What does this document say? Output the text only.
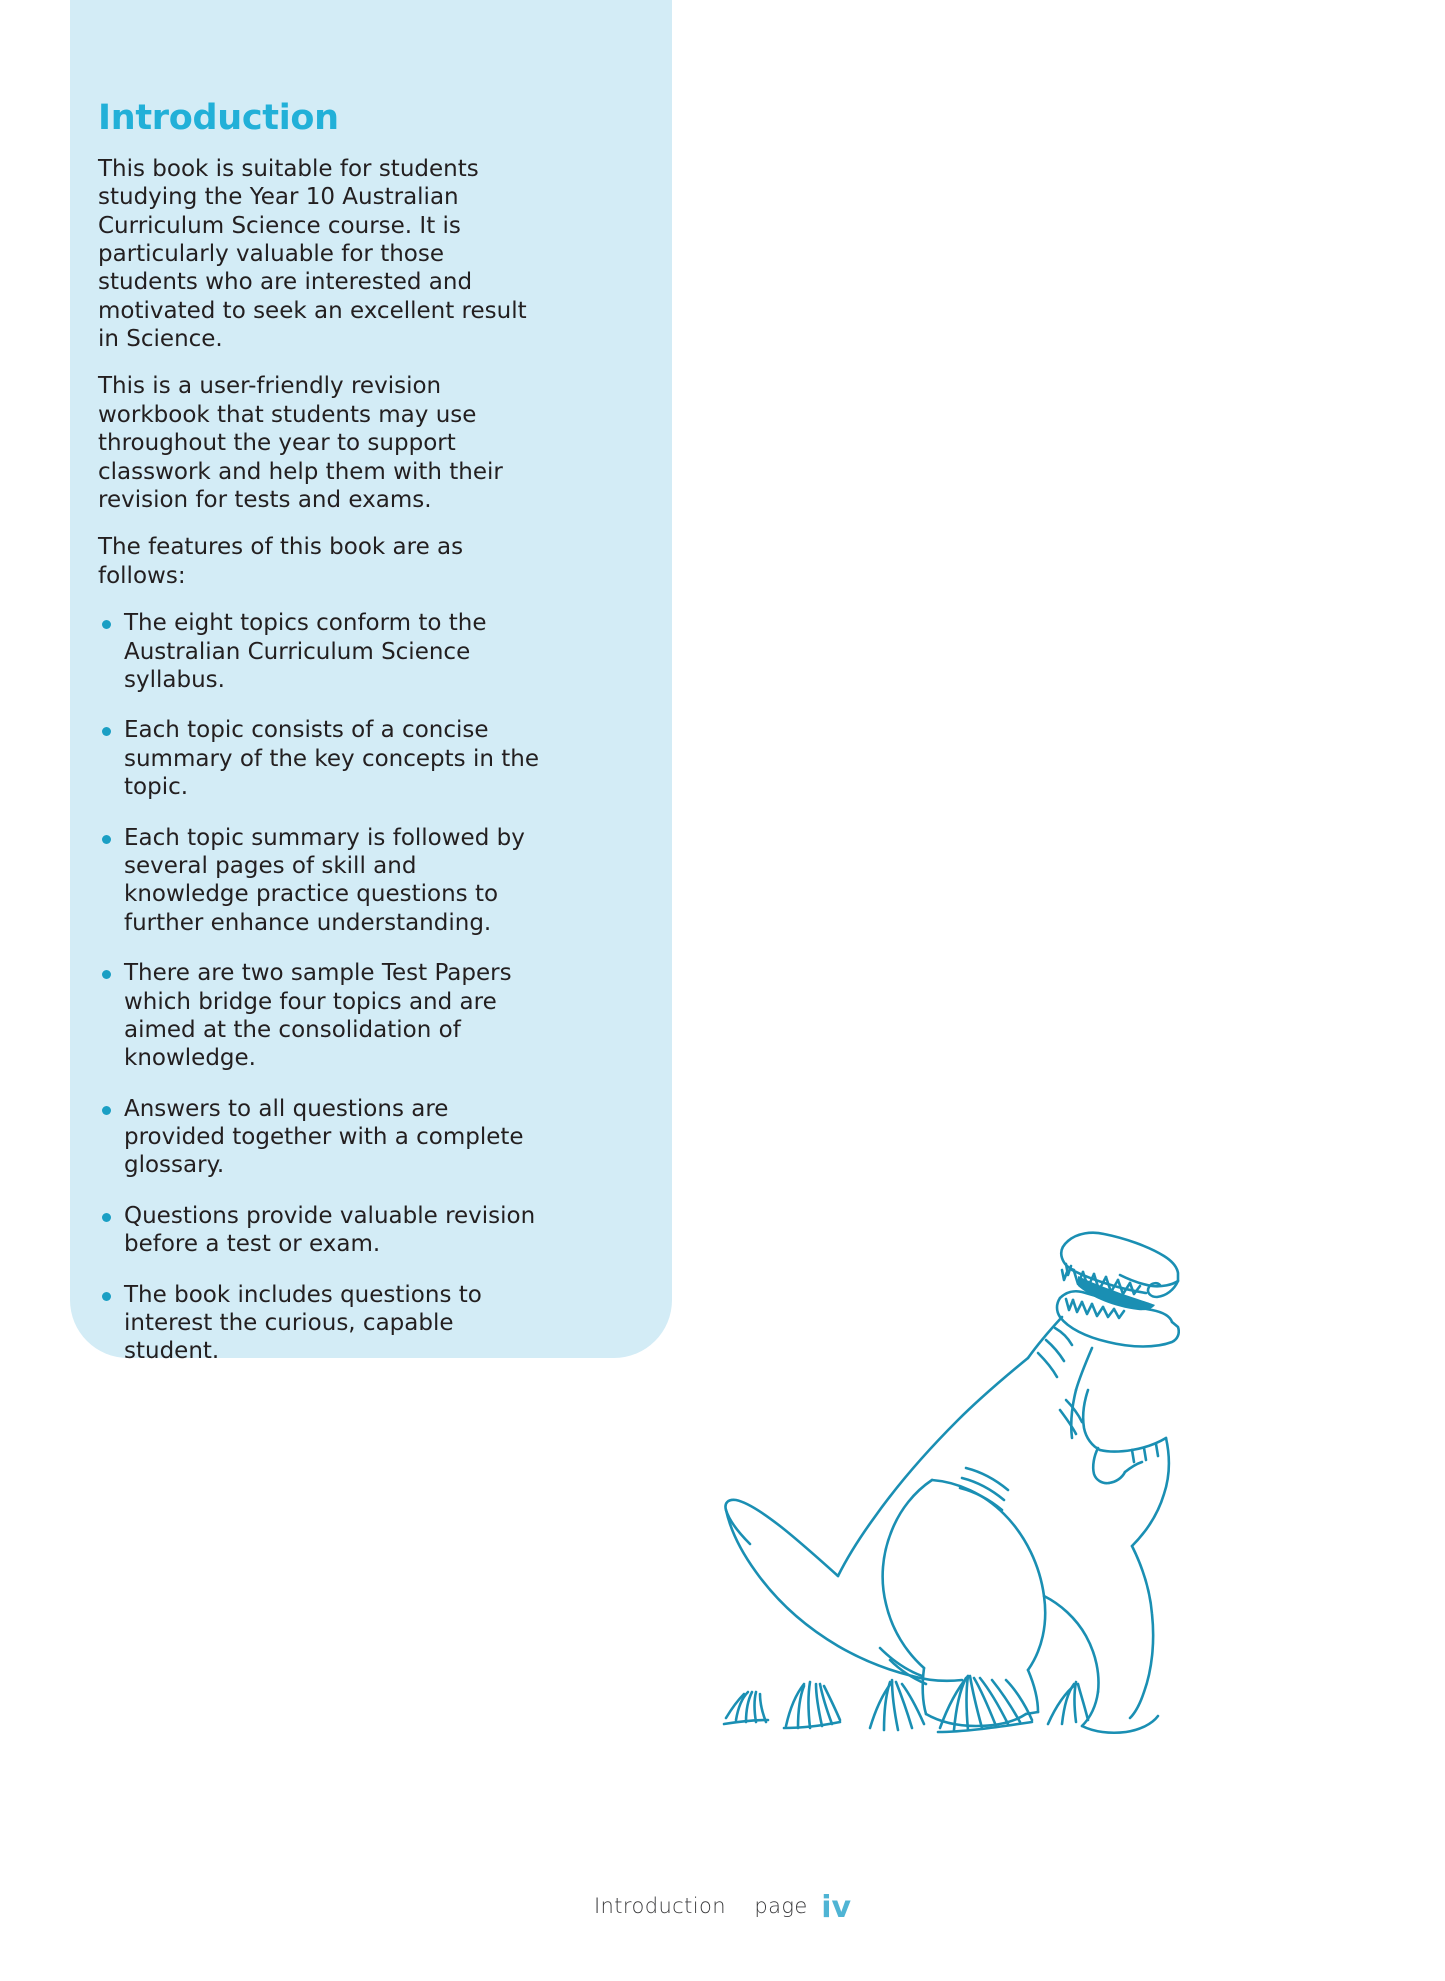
Introduction

This book is suitable for students studying the Year 10 Australian Curriculum Science course. It is particularly valuable for those students who are interested and motivated to seek an excellent result in Science.

This is a user-friendly revision workbook that students may use throughout the year to support classwork and help them with their revision for tests and exams.

The features of this book are as follows:

The eight topics conform to the Australian Curriculum Science syllabus.
Each topic consists of a concise summary of the key concepts in the topic.
Each topic summary is followed by several pages of skill and knowledge practice questions to further enhance understanding.
There are two sample Test Papers which bridge four topics and are aimed at the consolidation of knowledge.
Answers to all questions are provided together with a complete glossary.
Questions provide valuable revision before a test or exam.
The book includes questions to interest the curious, capable student.
Introduction page iv
